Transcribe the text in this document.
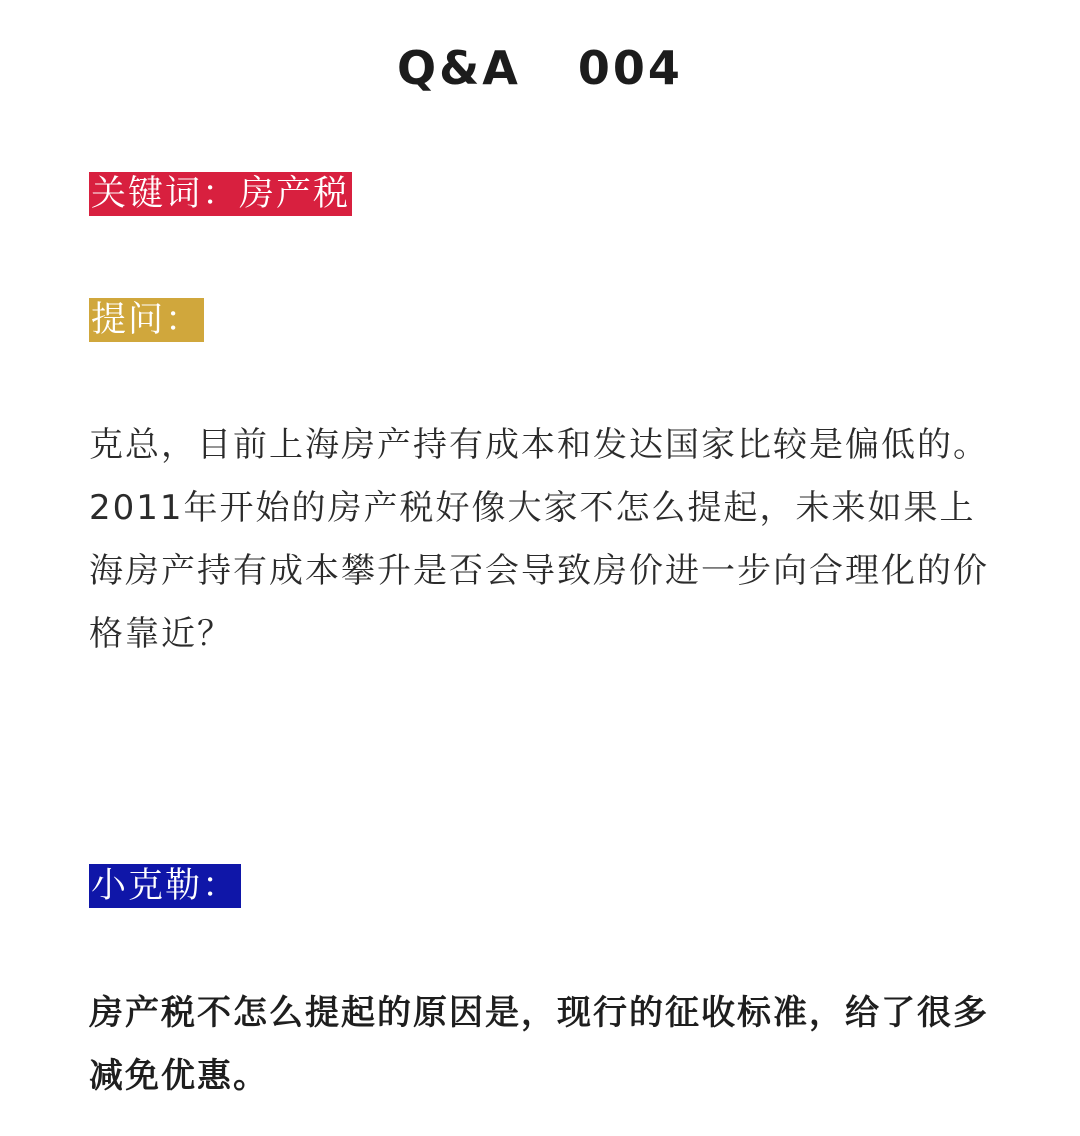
Q&A   004
关键词：房产税
提问：
克总，目前上海房产持有成本和发达国家比较是偏低的。2011年开始的房产税好像大家不怎么提起，未来如果上海房产持有成本攀升是否会导致房价进一步向合理化的价格靠近？
小克勒：
房产税不怎么提起的原因是，现行的征收标准，给了很多减免优惠。
